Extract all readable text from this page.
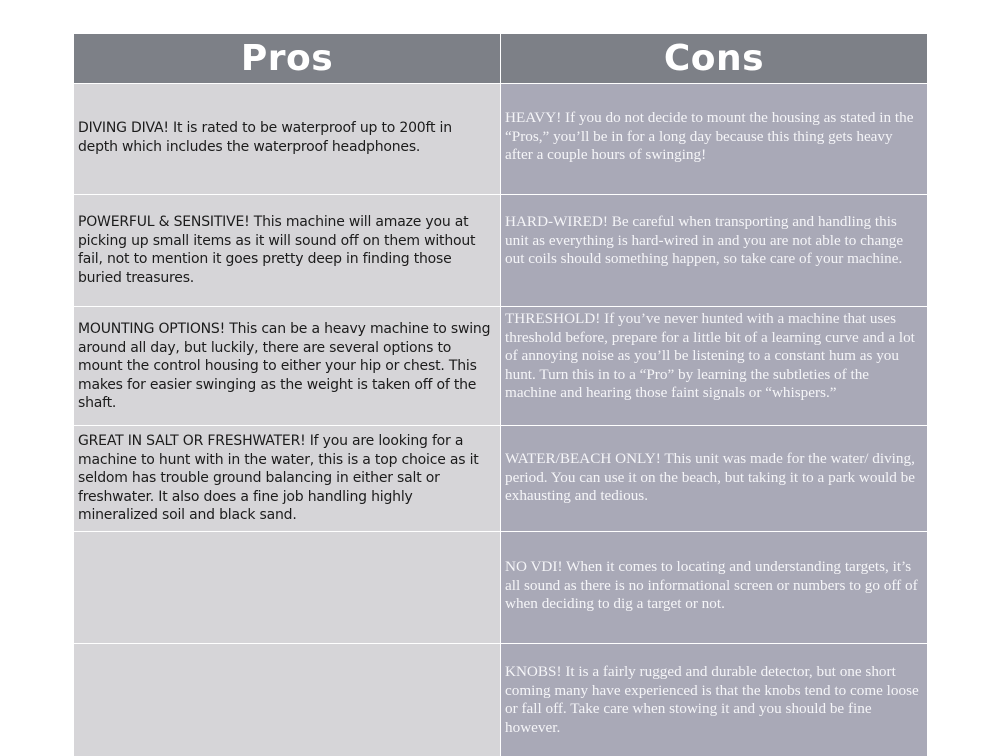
Pros	Cons
DIVING DIVA! It is rated to be waterproof up to 200ft in depth which includes the waterproof headphones.
HEAVY! If you do not decide to mount the housing as stated in the “Pros,” you’ll be in for a long day because this thing gets heavy after a couple hours of swinging!
POWERFUL & SENSITIVE! This machine will amaze you at picking up small items as it will sound off on them without fail, not to mention it goes pretty deep in finding those buried treasures.
HARD-WIRED! Be careful when transporting and handling this unit as everything is hard-wired in and you are not able to change out coils should something happen, so take care of your machine.
MOUNTING OPTIONS! This can be a heavy machine to swing around all day, but luckily, there are several options to mount the control housing to either your hip or chest. This makes for easier swinging as the weight is taken off of the shaft.
THRESHOLD! If you’ve never hunted with a machine that uses threshold before, prepare for a little bit of a learning curve and a lot of annoying noise as you’ll be listening to a constant hum as you hunt. Turn this in to a “Pro” by learning the subtleties of the machine and hearing those faint signals or “whispers.”
GREAT IN SALT OR FRESHWATER! If you are looking for a machine to hunt with in the water, this is a top choice as it seldom has trouble ground balancing in either salt or freshwater. It also does a fine job handling highly mineralized soil and black sand.
WATER/BEACH ONLY! This unit was made for the water/ diving, period. You can use it on the beach, but taking it to a park would be exhausting and tedious.
NO VDI! When it comes to locating and understanding targets, it’s all sound as there is no informational screen or numbers to go off of when deciding to dig a target or not.
KNOBS! It is a fairly rugged and durable detector, but one short coming many have experienced is that the knobs tend to come loose or fall off. Take care when stowing it and you should be fine however.
